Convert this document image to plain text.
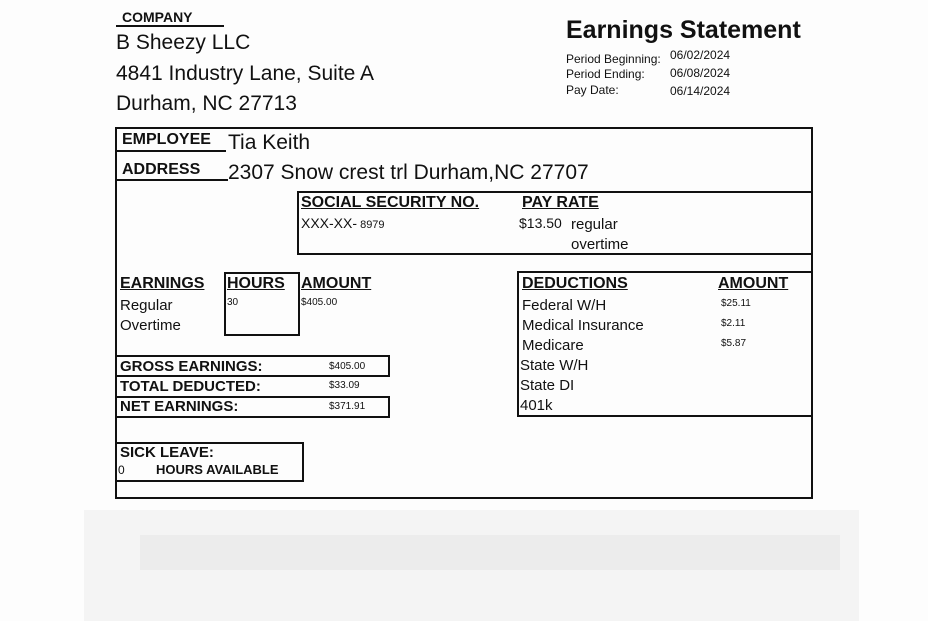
COMPANY
B Sheezy LLC
4841 Industry Lane, Suite A
Durham, NC 27713
Earnings Statement
Period Beginning: 06/02/2024
Period Ending: 06/08/2024
Pay Date:	06/14/2024
EMPLOYEE Tia Keith
ADDRESS 2307 Snow crest trl Durham,NC 27707
SOCIAL SECURITY NO.
XXX-XX- 8979
PAY RATE
$13.50 regular
overtime
EARNINGS HOURS AMOUNT
Regular	30	$405.00
Overtime
GROSS EARNINGS:	$405.00
TOTAL DEDUCTED:	$33.09
NET EARNINGS:	$371.91
DEDUCTIONS	AMOUNT
Federal W/H	$25.11
Medical Insurance	$2.11
Medicare	$5.87
State W/H
State DI
401k
SICK LEAVE:
0 HOURS AVAILABLE
